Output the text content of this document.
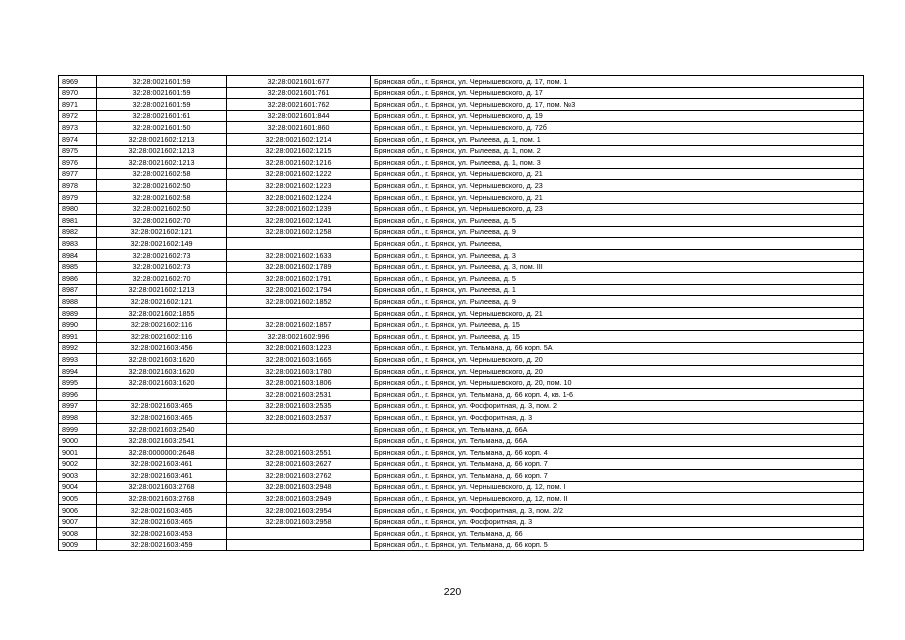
8969	32:28:0021601:59	32:28:0021601:677	Брянская обл., г. Брянск, ул. Чернышевского, д. 17, пом. 1
8970	32:28:0021601:59	32:28:0021601:761	Брянская обл., г. Брянск, ул. Чернышевского, д. 17
8971	32:28:0021601:59	32:28:0021601:762	Брянская обл., г. Брянск, ул. Чернышевского, д. 17, пом. №3
8972	32:28:0021601:61	32:28:0021601:844	Брянская обл., г. Брянск, ул. Чернышевского, д. 19
8973	32:28:0021601:50	32:28:0021601:860	Брянская обл., г. Брянск, ул. Чернышевского, д. 72б
8974	32:28:0021602:1213	32:28:0021602:1214	Брянская обл., г. Брянск, ул. Рылеева, д. 1, пом. 1
8975	32:28:0021602:1213	32:28:0021602:1215	Брянская обл., г. Брянск, ул. Рылеева, д. 1, пом. 2
8976	32:28:0021602:1213	32:28:0021602:1216	Брянская обл., г. Брянск, ул. Рылеева, д. 1, пом. 3
8977	32:28:0021602:58	32:28:0021602:1222	Брянская обл., г. Брянск, ул. Чернышевского, д. 21
8978	32:28:0021602:50	32:28:0021602:1223	Брянская обл., г. Брянск, ул. Чернышевского, д. 23
8979	32:28:0021602:58	32:28:0021602:1224	Брянская обл., г. Брянск, ул. Чернышевского, д. 21
8980	32:28:0021602:50	32:28:0021602:1239	Брянская обл., г. Брянск, ул. Чернышевского, д. 23
8981	32:28:0021602:70	32:28:0021602:1241	Брянская обл., г. Брянск, ул. Рылеева, д. 5
8982	32:28:0021602:121	32:28:0021602:1258	Брянская обл., г. Брянск, ул. Рылеева, д. 9
8983	32:28:0021602:149		Брянская обл., г. Брянск, ул. Рылеева,
8984	32:28:0021602:73	32:28:0021602:1633	Брянская обл., г. Брянск, ул. Рылеева, д. 3
8985	32:28:0021602:73	32:28:0021602:1789	Брянская обл., г. Брянск, ул. Рылеева, д. 3, пом. III
8986	32:28:0021602:70	32:28:0021602:1791	Брянская обл., г. Брянск, ул. Рылеева, д. 5
8987	32:28:0021602:1213	32:28:0021602:1794	Брянская обл., г. Брянск, ул. Рылеева, д. 1
8988	32:28:0021602:121	32:28:0021602:1852	Брянская обл., г. Брянск, ул. Рылеева, д. 9
8989	32:28:0021602:1855		Брянская обл., г. Брянск, ул. Чернышевского, д. 21
8990	32:28:0021602:116	32:28:0021602:1857	Брянская обл., г. Брянск, ул. Рылеева, д. 15
8991	32:28:0021602:116	32:28:0021602:996	Брянская обл., г. Брянск, ул. Рылеева, д. 15
8992	32:28:0021603:456	32:28:0021603:1223	Брянская обл., г. Брянск, ул. Тельмана, д. 66 корп. 5А
8993	32:28:0021603:1620	32:28:0021603:1665	Брянская обл., г. Брянск, ул. Чернышевского, д. 20
8994	32:28:0021603:1620	32:28:0021603:1780	Брянская обл., г. Брянск, ул. Чернышевского, д. 20
8995	32:28:0021603:1620	32:28:0021603:1806	Брянская обл., г. Брянск, ул. Чернышевского, д. 20, пом. 10
8996		32:28:0021603:2531	Брянская обл., г. Брянск, ул. Тельмана, д. 66 корп. 4, кв. 1-6
8997	32:28:0021603:465	32:28:0021603:2535	Брянская обл., г. Брянск, ул. Фосфоритная, д. 3, пом. 2
8998	32:28:0021603:465	32:28:0021603:2537	Брянская обл., г. Брянск, ул. Фосфоритная, д. 3
8999	32:28:0021603:2540		Брянская обл., г. Брянск, ул. Тельмана, д. 66А
9000	32:28:0021603:2541		Брянская обл., г. Брянск, ул. Тельмана, д. 66А
9001	32:28:0000000:2648	32:28:0021603:2551	Брянская обл., г. Брянск, ул. Тельмана, д. 66 корп. 4
9002	32:28:0021603:461	32:28:0021603:2627	Брянская обл., г. Брянск, ул. Тельмана, д. 66 корп. 7
9003	32:28:0021603:461	32:28:0021603:2762	Брянская обл., г. Брянск, ул. Тельмана, д. 66 корп. 7
9004	32:28:0021603:2768	32:28:0021603:2948	Брянская обл., г. Брянск, ул. Чернышевского, д. 12, пом. I
9005	32:28:0021603:2768	32:28:0021603:2949	Брянская обл., г. Брянск, ул. Чернышевского, д. 12, пом. II
9006	32:28:0021603:465	32:28:0021603:2954	Брянская обл., г. Брянск, ул. Фосфоритная, д. 3, пом. 2/2
9007	32:28:0021603:465	32:28:0021603:2958	Брянская обл., г. Брянск, ул. Фосфоритная, д. 3
9008	32:28:0021603:453		Брянская обл., г. Брянск, ул. Тельмана, д. 66
9009	32:28:0021603:459		Брянская обл., г. Брянск, ул. Тельмана, д. 66 корп. 5
220
